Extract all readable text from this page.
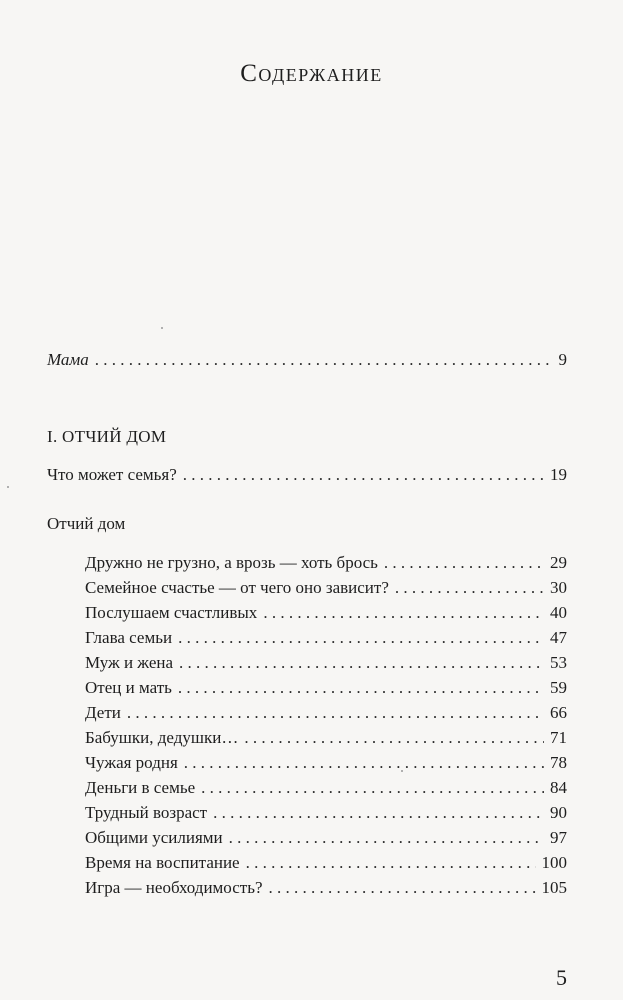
Содержание
Мама . . .	9
I. ОТЧИЙ ДОМ
Что может семья? . . .	19
Отчий дом
Дружно не грузно, а врозь — хоть брось . . .	29
Семейное счастье — от чего оно зависит? . . .	30
Послушаем счастливых . . .	40
Глава семьи . . .	47
Муж и жена . . .	53
Отец и мать . . .	59
Дети . . .	66
Бабушки, дедушки… . . .	71
Чужая родня . . .	78
Деньги в семье . . .	84
Трудный возраст . . .	90
Общими усилиями . . .	97
Время на воспитание . . .	100
Игра — необходимость? . . .	105
5
